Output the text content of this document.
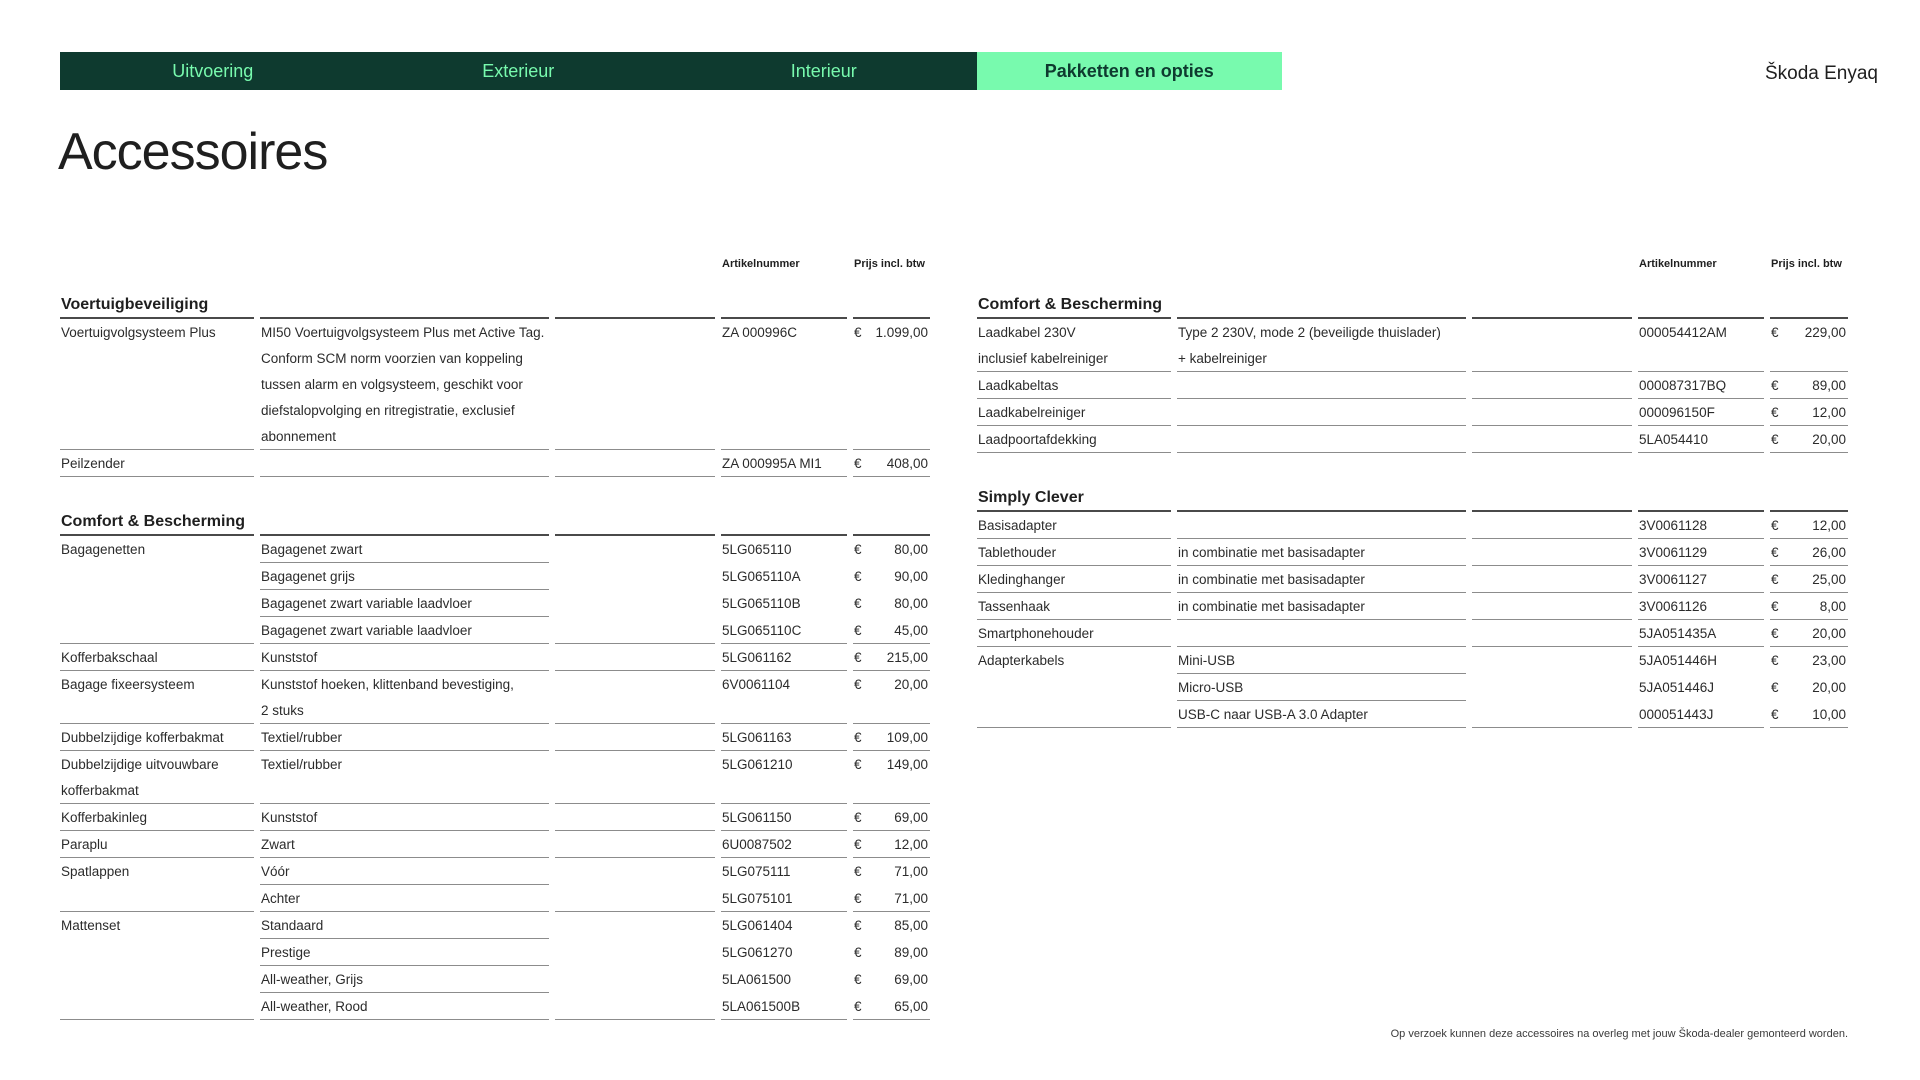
Uitvoering	Exterieur	Interieur	Pakketten en opties	Škoda Enyaq
Accessoires
			Artikelnummer	Prijs incl. btw
Voertuigbeveiliging				
Voertuigvolgsysteem Plus	MI50 Voertuigvolgsysteem Plus met Active Tag.		ZA 000996C	€ 1.099,00
	Conform SCM norm voorzien van koppeling			
	tussen alarm en volgsysteem, geschikt voor			
	diefstalopvolging en ritregistratie, exclusief			
	abonnement			
Peilzender			ZA 000995A MI1	€ 408,00

Comfort & Bescherming				
Bagagenetten	Bagagenet zwart		5LG065110	€ 80,00
	Bagagenet grijs		5LG065110A	€ 90,00
	Bagagenet zwart variable laadvloer		5LG065110B	€ 80,00
	Bagagenet zwart variable laadvloer		5LG065110C	€ 45,00
Kofferbakschaal	Kunststof		5LG061162	€ 215,00
Bagage fixeersysteem	Kunststof hoeken, klittenband bevestiging,		6V0061104	€ 20,00
	2 stuks			
Dubbelzijdige kofferbakmat	Textiel/rubber		5LG061163	€ 109,00
Dubbelzijdige uitvouwbare	Textiel/rubber		5LG061210	€ 149,00
kofferbakmat				
Kofferbakinleg	Kunststof		5LG061150	€ 69,00
Paraplu	Zwart		6U0087502	€ 12,00
Spatlappen	Vóór		5LG075111	€ 71,00
	Achter		5LG075101	€ 71,00
Mattenset	Standaard		5LG061404	€ 85,00
	Prestige		5LG061270	€ 89,00
	All-weather, Grijs		5LA061500	€ 69,00
	All-weather, Rood		5LA061500B	€ 65,00
			Artikelnummer	Prijs incl. btw
Comfort & Bescherming				
Laadkabel 230V	Type 2 230V, mode 2 (beveiligde thuislader)		000054412AM	€ 229,00
inclusief kabelreiniger	+ kabelreiniger			
Laadkabeltas			000087317BQ	€ 89,00
Laadkabelreiniger			000096150F	€ 12,00
Laadpoortafdekking			5LA054410	€ 20,00

Simply Clever				
Basisadapter			3V0061128	€ 12,00
Tablethouder	in combinatie met basisadapter		3V0061129	€ 26,00
Kledinghanger	in combinatie met basisadapter		3V0061127	€ 25,00
Tassenhaak	in combinatie met basisadapter		3V0061126	€ 8,00
Smartphonehouder			5JA051435A	€ 20,00
Adapterkabels	Mini-USB		5JA051446H	€ 23,00
	Micro-USB		5JA051446J	€ 20,00
	USB-C naar USB-A 3.0 Adapter		000051443J	€ 10,00
Op verzoek kunnen deze accessoires na overleg met jouw Škoda-dealer gemonteerd worden.
